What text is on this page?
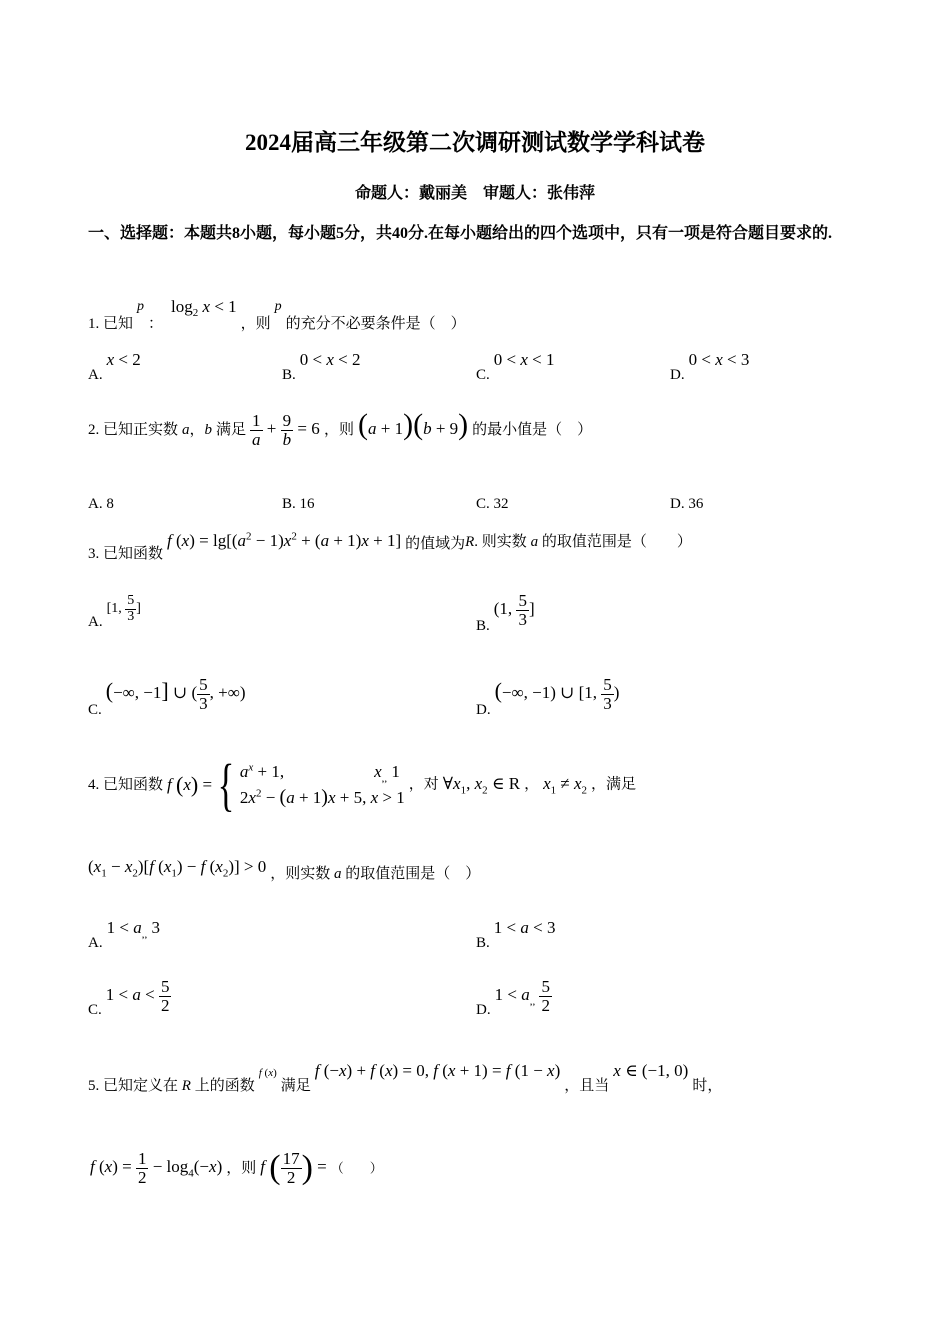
2024届高三年级第二次调研测试数学学科试卷
命题人：戴丽美　审题人：张伟萍
一、选择题：本题共8小题，每小题5分，共40分.在每小题给出的四个选项中，只有一项是符合题目要求的.
1. 已知 p ： $\log_2 x < 1$ ，则 p 的充分不必要条件是（　）
A. x < 2
B. 0 < x < 2
C. 0 < x < 1
D. 0 < x < 3
2. 已知正实数 a，b 满足 $\frac{1}{a} + \frac{9}{b} = 6$ ，则 (a + 1)(b + 9) 的最小值是（　）
A. 8	B. 16	C. 32	D. 36
3. 已知函数 f $(x) = \lg[(a^2 - 1)x^2 + (a + 1)x + 1]$ 的值域为R. 则实数 a 的取值范围是（　　）
A. [1, $\frac{5}{3}$ ]
B. (1, $\frac{5}{3}$ ]
C. (−∞, −1] ∪ ( $\frac{5}{3}$ , +∞)
D. (−∞, −1) ∪ [1, $\frac{5}{3}$ )
4. 已知函数 f
( x ) = { $a^x + 1$,	$x_{,,}$ 1
$2x^2 - (a + 1)x + 5$, x > 1
，对 $\forall x_1$, $x_2$ ∈ R ， $x_1 \ne x_2$ ，满足
$(x_1 - x_2)[f$ $(x_1) - f$ $(x_2)] > 0$ ，则实数 a 的取值范围是（　）
A. $1 < a_{,,}$ 3
B. 1 < a < 3
C. $1 < a < \frac{5}{2}$	D. $1 < a_{,,} \frac{5}{2}$
5. 已知定义在 R 上的函数 f (x) 满足 f (−x) + f (x) = 0, f (x + 1) = f (1 − x) ，且当 x ∈ (−1, 0) 时，
f $(x) = \frac{1}{2} - \log_4(-x)$ ，则 f ( $\frac{17}{2}$ ) = （　　）
